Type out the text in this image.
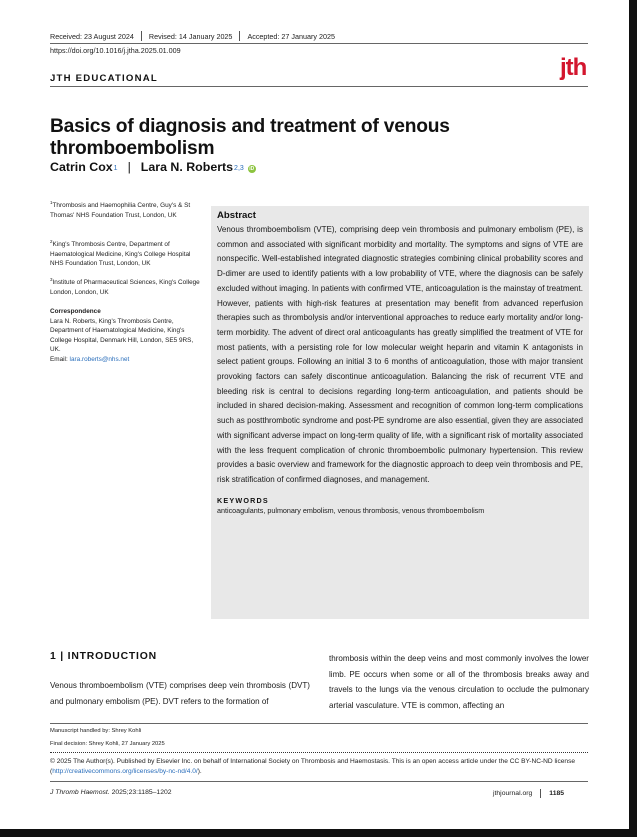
Received: 23 August 2024 Revised: 14 January 2025 Accepted: 27 January 2025
https://doi.org/10.1016/j.jtha.2025.01.009
JTH EDUCATIONAL	jth
Basics of diagnosis and treatment of venous thromboembolism
Catrin Cox$^1$ | Lara N. Roberts$^{2,3}$	iD
$^1$Thrombosis and Haemophilia Centre, Guy's & St Thomas' NHS Foundation Trust, London, UK
$^2$King's Thrombosis Centre, Department of Haematological Medicine, King's College Hospital NHS Foundation Trust, London, UK
$^3$Institute of Pharmaceutical Sciences, King's College London, London, UK
Correspondence
Lara N. Roberts, King's Thrombosis Centre, Department of Haematological Medicine, King's College Hospital, Denmark Hill, London, SE5 9RS, UK.
Email: lara.roberts@nhs.net
Abstract

Venous thromboembolism (VTE), comprising deep vein thrombosis and pulmonary embolism (PE), is common and associated with significant morbidity and mortality. The symptoms and signs of VTE are nonspecific. Well-established integrated diagnostic strategies combining clinical probability scores and D-dimer are used to identify patients with a low probability of VTE, where the diagnosis can be safely excluded without imaging. In patients with confirmed VTE, anticoagulation is the mainstay of treatment. However, patients with high-risk features at presentation may benefit from advanced reperfusion therapies such as thrombolysis and/or interventional approaches to reduce early mortality and/or long-term morbidity. The advent of direct oral anticoagulants has greatly simplified the treatment of VTE for most patients, with a persisting role for low molecular weight heparin and vitamin K antagonists in select patient groups. Following an initial 3 to 6 months of anticoagulation, those with major transient provoking factors can safely discontinue anticoagulation. Balancing the risk of recurrent VTE and bleeding risk is central to decisions regarding long-term anticoagulation, and patients should be included in shared decision-making. Assessment and recognition of common long-term complications such as postthrombotic syndrome and post-PE syndrome are also essential, given they are associated with significant adverse impact on long-term quality of life, with a significant risk of mortality associated with the less frequent complication of chronic thromboembolic pulmonary hypertension. This review provides a basic overview and framework for the diagnostic approach to deep vein thrombosis and PE, risk stratification of confirmed diagnoses, and management.

KEYWORDS
anticoagulants, pulmonary embolism, venous thrombosis, venous thromboembolism
1 | INTRODUCTION
Venous thromboembolism (VTE) comprises deep vein thrombosis (DVT) and pulmonary embolism (PE). DVT refers to the formation of
thrombosis within the deep veins and most commonly involves the lower limb. PE occurs when some or all of the thrombosis breaks away and travels to the lungs via the venous circulation to occlude the pulmonary arterial vasculature. VTE is common, affecting an
Manuscript handled by: Shrey Kohli
Final decision: Shrey Kohli, 27 January 2025
© 2025 The Author(s). Published by Elsevier Inc. on behalf of International Society on Thrombosis and Haemostasis. This is an open access article under the CC BY-NC-ND license (http://creativecommons.org/licenses/by-nc-nd/4.0/).
J Thromb Haemost. 2025;23:1185–1202	jthjournal.org	1185
